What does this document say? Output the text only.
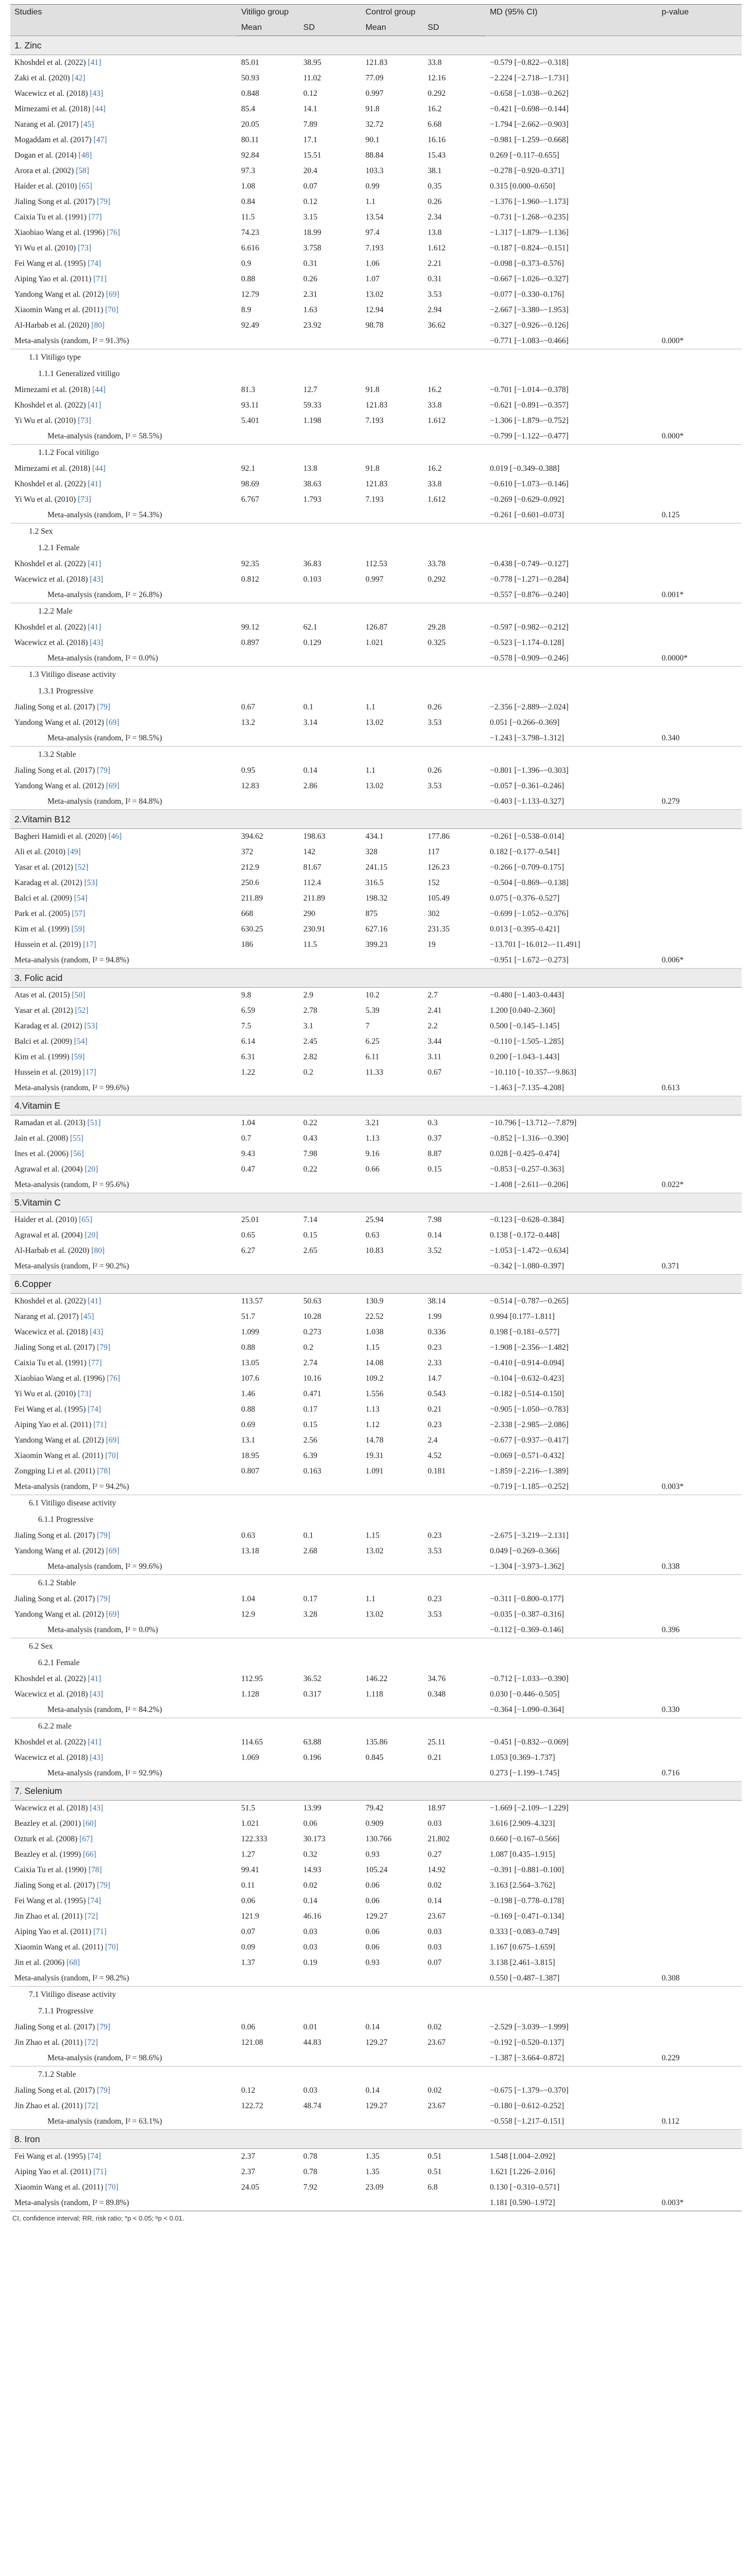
Studies	Vitiligo group		Control group		MD (95% CI)	p-value
	Mean	SD	Mean	SD		
1. Zinc						
Khoshdel et al. (2022) [41]	85.01	38.95	121.83	33.8	−0.579 [−0.822–−0.318]	
Zaki et al. (2020) [42]	50.93	11.02	77.09	12.16	−2.224 [−2.718–−1.731]	
Wacewicz et al. (2018) [43]	0.848	0.12	0.997	0.292	−0.658 [−1.038–−0.262]	
Mirnezami et al. (2018) [44]	85.4	14.1	91.8	16.2	−0.421 [−0.698–−0.144]	
Narang et al. (2017) [45]	20.05	7.89	32.72	6.68	−1.794 [−2.662–−0.903]	
Mogaddam et al. (2017) [47]	80.11	17.1	90.1	16.16	−0.981 [−1.259–−0.668]	
Dogan et al. (2014) [48]	92.84	15.51	88.84	15.43	0.269 [−0.117–0.655]	
Arora et al. (2002) [58]	97.3	20.4	103.3	38.1	−0.278 [−0.920–0.371]	
Haider et al. (2010) [65]	1.08	0.07	0.99	0.35	0.315 [0.000–0.650]	
Jialing Song et al. (2017) [79]	0.84	0.12	1.1	0.26	−1.376 [−1.960–−1.173]	
Caixia Tu et al. (1991) [77]	11.5	3.15	13.54	2.34	−0.731 [−1.268–−0.235]	
Xiaobiao Wang et al. (1996) [76]	74.23	18.99	97.4	13.8	−1.317 [−1.879–−1.136]	
Yi Wu et al. (2010) [73]	6.616	3.758	7.193	1.612	−0.187 [−0.824–−0.151]	
Fei Wang et al. (1995) [74]	0.9	0.31	1.06	2.21	−0.098 [−0.373–0.576]	
Aiping Yao et al. (2011) [71]	0.88	0.26	1.07	0.31	−0.667 [−1.026–−0.327]	
Yandong Wang et al. (2012) [69]	12.79	2.31	13.02	3.53	−0.077 [−0.330–0.176]	
Xiaomin Wang et al. (2011) [70]	8.9	1.63	12.94	2.94	−2.667 [−3.380–−1.953]	
Al-Harbab et al. (2020) [80]	92.49	23.92	98.78	36.62	−0.327 [−0.926–−0.126]	
Meta-analysis (random, I² = 91.3%)					−0.771 [−1.083–−0.466]	0.000*
1.1 Vitiligo type						
1.1.1 Generalized vitiligo						
Mirnezami et al. (2018) [44]	81.3	12.7	91.8	16.2	−0.701 [−1.014–−0.378]	
Khoshdel et al. (2022) [41]	93.11	59.33	121.83	33.8	−0.621 [−0.891–−0.357]	
Yi Wu et al. (2010) [73]	5.401	1.198	7.193	1.612	−1.306 [−1.879–−0.752]	
Meta-analysis (random, I² = 58.5%)					−0.799 [−1.122–−0.477]	0.000*
1.1.2 Focal vitiligo						
Mirnezami et al. (2018) [44]	92.1	13.8	91.8	16.2	0.019 [−0.349–0.388]	
Khoshdel et al. (2022) [41]	98.69	38.63	121.83	33.8	−0.610 [−1.073–−0.146]	
Yi Wu et al. (2010) [73]	6.767	1.793	7.193	1.612	−0.269 [−0.629–0.092]	
Meta-analysis (random, I² = 54.3%)					−0.261 [−0.601–0.073]	0.125
1.2 Sex						
1.2.1 Female						
Khoshdel et al. (2022) [41]	92.35	36.83	112.53	33.78	−0.438 [−0.749–−0.127]	
Wacewicz et al. (2018) [43]	0.812	0.103	0.997	0.292	−0.778 [−1.271–−0.284]	
Meta-analysis (random, I² = 26.8%)					−0.557 [−0.876–−0.240]	0.001*
1.2.2 Male						
Khoshdel et al. (2022) [41]	99.12	62.1	126.87	29.28	−0.597 [−0.982–−0.212]	
Wacewicz et al. (2018) [43]	0.897	0.129	1.021	0.325	−0.523 [−1.174–0.128]	
Meta-analysis (random, I² = 0.0%)					−0.578 [−0.909–−0.246]	0.0000*
1.3 Vitiligo disease activity						
1.3.1 Progressive						
Jialing Song et al. (2017) [79]	0.67	0.1	1.1	0.26	−2.356 [−2.889–−2.024]	
Yandong Wang et al. (2012) [69]	13.2	3.14	13.02	3.53	0.051 [−0.266–0.369]	
Meta-analysis (random, I² = 98.5%)					−1.243 [−3.798–1.312]	0.340
1.3.2 Stable						
Jialing Song et al. (2017) [79]	0.95	0.14	1.1	0.26	−0.801 [−1.396–−0.303]	
Yandong Wang et al. (2012) [69]	12.83	2.86	13.02	3.53	−0.057 [−0.361–0.246]	
Meta-analysis (random, I² = 84.8%)					−0.403 [−1.133–0.327]	0.279
2.Vitamin B12						
Bagheri Hamidi et al. (2020) [46]	394.62	198.63	434.1	177.86	−0.261 [−0.538–0.014]	
Ali et al. (2010) [49]	372	142	328	117	0.182 [−0.177–0.541]	
Yasar et al. (2012) [52]	212.9	81.67	241.15	126.23	−0.266 [−0.709–0.175]	
Karadag et al. (2012) [53]	250.6	112.4	316.5	152	−0.504 [−0.869–−0.138]	
Balci et al. (2009) [54]	211.89	211.89	198.32	105.49	0.075 [−0.376–0.527]	
Park et al. (2005) [57]	668	290	875	302	−0.699 [−1.052–−0.376]	
Kim et al. (1999) [59]	630.25	230.91	627.16	231.35	0.013 [−0.395–0.421]	
Hussein et al. (2019) [17]	186	11.5	399.23	19	−13.701 [−16.012–−11.491]	
Meta-analysis (random, I² = 94.8%)					−0.951 [−1.672–−0.273]	0.006*
3. Folic acid						
Atas et al. (2015) [50]	9.8	2.9	10.2	2.7	−0.480 [−1.403–0.443]	
Yasar et al. (2012) [52]	6.59	2.78	5.39	2.41	1.200 [0.040–2.360]	
Karadag et al. (2012) [53]	7.5	3.1	7	2.2	0.500 [−0.145–1.145]	
Balci et al. (2009) [54]	6.14	2.45	6.25	3.44	−0.110 [−1.505–1.285]	
Kim et al. (1999) [59]	6.31	2.82	6.11	3.11	0.200 [−1.043–1.443]	
Hussein et al. (2019) [17]	1.22	0.2	11.33	0.67	−10.110 [−10.357–−9.863]	
Meta-analysis (random, I² = 99.6%)					−1.463 [−7.135–4.208]	0.613
4.Vitamin E						
Ramadan et al. (2013) [51]	1.04	0.22	3.21	0.3	−10.796 [−13.712–−7.879]	
Jain et al. (2008) [55]	0.7	0.43	1.13	0.37	−0.852 [−1.316–−0.390]	
Ines et al. (2006) [56]	9.43	7.98	9.16	8.87	0.028 [−0.425–0.474]	
Agrawal et al. (2004) [20]	0.47	0.22	0.66	0.15	−0.853 [−0.257–0.363]	
Meta-analysis (random, I² = 95.6%)					−1.408 [−2.611–−0.206]	0.022*
5.Vitamin C						
Haider et al. (2010) [65]	25.01	7.14	25.94	7.98	−0.123 [−0.628–0.384]	
Agrawal et al. (2004) [20]	0.65	0.15	0.63	0.14	0.138 [−0.172–0.448]	
Al-Harbab et al. (2020) [80]	6.27	2.65	10.83	3.52	−1.053 [−1.472–−0.634]	
Meta-analysis (random, I² = 90.2%)					−0.342 [−1.080–0.397]	0.371
6.Copper						
Khoshdel et al. (2022) [41]	113.57	50.63	130.9	38.14	−0.514 [−0.787–−0.265]	
Narang et al. (2017) [45]	51.7	10.28	22.52	1.99	0.994 [0.177–1.811]	
Wacewicz et al. (2018) [43]	1.099	0.273	1.038	0.336	0.198 [−0.181–0.577]	
Jialing Song et al. (2017) [79]	0.88	0.2	1.15	0.23	−1.908 [−2.356–−1.482]	
Caixia Tu et al. (1991) [77]	13.05	2.74	14.08	2.33	−0.410 [−0.914–0.094]	
Xiaobiao Wang et al. (1996) [76]	107.6	10.16	109.2	14.7	−0.104 [−0.632–0.423]	
Yi Wu et al. (2010) [73]	1.46	0.471	1.556	0.543	−0.182 [−0.514–0.150]	
Fei Wang et al. (1995) [74]	0.88	0.17	1.13	0.21	−0.905 [−1.050–−0.783]	
Aiping Yao et al. (2011) [71]	0.69	0.15	1.12	0.23	−2.338 [−2.985–−2.086]	
Yandong Wang et al. (2012) [69]	13.1	2.56	14.78	2.4	−0.677 [−0.937–−0.417]	
Xiaomin Wang et al. (2011) [70]	18.95	6.39	19.31	4.52	−0.069 [−0.571–0.432]	
Zongping Li et al. (2011) [78]	0.807	0.163	1.091	0.181	−1.859 [−2.216–−1.389]	
Meta-analysis (random, I² = 94.2%)					−0.719 [−1.185–−0.252]	0.003*
6.1 Vitiligo disease activity						
6.1.1 Progressive						
Jialing Song et al. (2017) [79]	0.63	0.1	1.15	0.23	−2.675 [−3.219–−2.131]	
Yandong Wang et al. (2012) [69]	13.18	2.68	13.02	3.53	0.049 [−0.269–0.366]	
Meta-analysis (random, I² = 99.6%)					−1.304 [−3.973–1.362]	0.338
6.1.2 Stable						
Jialing Song et al. (2017) [79]	1.04	0.17	1.1	0.23	−0.311 [−0.800–0.177]	
Yandong Wang et al. (2012) [69]	12.9	3.28	13.02	3.53	−0.035 [−0.387–0.316]	
Meta-analysis (random, I² = 0.0%)					−0.112 [−0.369–0.146]	0.396
6.2 Sex						
6.2.1 Female						
Khoshdel et al. (2022) [41]	112.95	36.52	146.22	34.76	−0.712 [−1.033–−0.390]	
Wacewicz et al. (2018) [43]	1.128	0.317	1.118	0.348	0.030 [−0.446–0.505]	
Meta-analysis (random, I² = 84.2%)					−0.364 [−1.090–0.364]	0.330
6.2.2 male						
Khoshdel et al. (2022) [41]	114.65	63.88	135.86	25.11	−0.451 [−0.832–−0.069]	
Wacewicz et al. (2018) [43]	1.069	0.196	0.845	0.21	1.053 [0.369–1.737]	
Meta-analysis (random, I² = 92.9%)					0.273 [−1.199–1.745]	0.716
7. Selenium						
Wacewicz et al. (2018) [43]	51.5	13.99	79.42	18.97	−1.669 [−2.109–−1.229]	
Beazley et al. (2001) [60]	1.021	0.06	0.909	0.03	3.616 [2.909–4.323]	
Ozturk et al. (2008) [67]	122.333	30.173	130.766	21.802	0.660 [−0.167–0.566]	
Beazley et al. (1999) [66]	1.27	0.32	0.93	0.27	1.087 [0.435–1.915]	
Caixia Tu et al. (1990) [78]	99.41	14.93	105.24	14.92	−0.391 [−0.881–0.100]	
Jialing Song et al. (2017) [79]	0.11	0.02	0.06	0.02	3.163 [2.564–3.762]	
Fei Wang et al. (1995) [74]	0.06	0.14	0.06	0.14	−0.198 [−0.778–0.178]	
Jin Zhao et al. (2011) [72]	121.9	46.16	129.27	23.67	−0.169 [−0.471–0.134]	
Aiping Yao et al. (2011) [71]	0.07	0.03	0.06	0.03	0.333 [−0.083–0.749]	
Xiaomin Wang et al. (2011) [70]	0.09	0.03	0.06	0.03	1.167 [0.675–1.659]	
Jin et al. (2006) [68]	1.37	0.19	0.93	0.07	3.138 [2.461–3.815]	
Meta-analysis (random, I² = 98.2%)					0.550 [−0.487–1.387]	0.308
7.1 Vitiligo disease activity						
7.1.1 Progressive						
Jialing Song et al. (2017) [79]	0.06	0.01	0.14	0.02	−2.529 [−3.039–−1.999]	
Jin Zhao et al. (2011) [72]	121.08	44.83	129.27	23.67	−0.192 [−0.520–0.137]	
Meta-analysis (random, I² = 98.6%)					−1.387 [−3.664–0.872]	0.229
7.1.2 Stable						
Jialing Song et al. (2017) [79]	0.12	0.03	0.14	0.02	−0.675 [−1.379–−0.370]	
Jin Zhao et al. (2011) [72]	122.72	48.74	129.27	23.67	−0.180 [−0.612–0.252]	
Meta-analysis (random, I² = 63.1%)					−0.558 [−1.217–0.151]	0.112
8. Iron						
Fei Wang et al. (1995) [74]	2.37	0.78	1.35	0.51	1.548 [1.004–2.092]	
Aiping Yao et al. (2011) [71]	2.37	0.78	1.35	0.51	1.621 [1.226–2.016]	
Xiaomin Wang et al. (2011) [70]	24.05	7.92	23.09	6.8	0.130 [−0.310–0.571]	
Meta-analysis (random, I² = 89.8%)					1.181 [0.590–1.972]	0.003*
CI, confidence interval; RR, risk ratio; *p < 0.05; ᵇp < 0.01.
